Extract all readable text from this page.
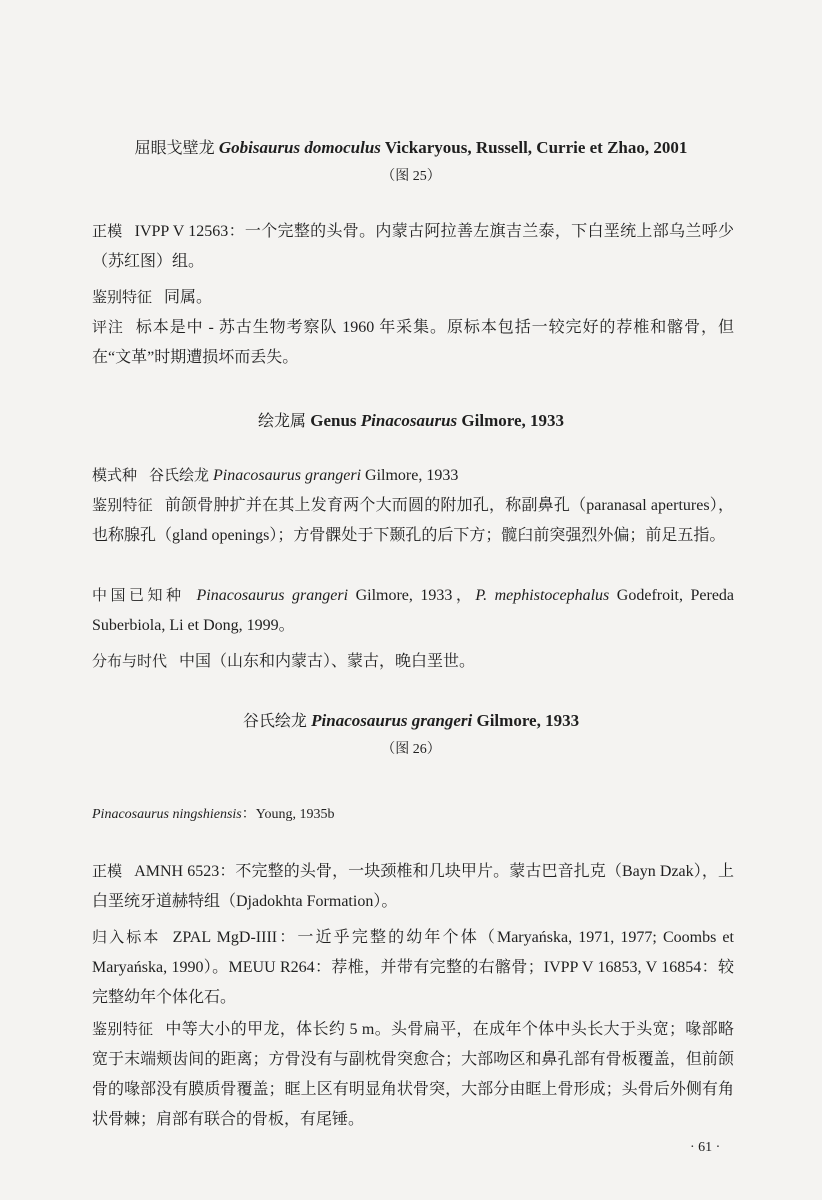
屈眼戈壁龙 Gobisaurus domoculus Vickaryous, Russell, Currie et Zhao, 2001
（图 25）
正模 IVPP V 12563：一个完整的头骨。内蒙古阿拉善左旗吉兰泰，下白垩统上部乌兰呼少（苏红图）组。
鉴别特征 同属。
评注 标本是中 - 苏古生物考察队 1960 年采集。原标本包括一较完好的荐椎和髂骨，但在“文革”时期遭损坏而丢失。
绘龙属 Genus Pinacosaurus Gilmore, 1933
模式种 谷氏绘龙 Pinacosaurus grangeri Gilmore, 1933
鉴别特征 前颌骨肿扩并在其上发育两个大而圆的附加孔，称副鼻孔（paranasal apertures），也称腺孔（gland openings）；方骨髁处于下颞孔的后下方；髋臼前突强烈外偏；前足五指。
中国已知种 Pinacosaurus grangeri Gilmore, 1933，P. mephistocephalus Godefroit, Pereda Suberbiola, Li et Dong, 1999。
分布与时代 中国（山东和内蒙古）、蒙古，晚白垩世。
谷氏绘龙 Pinacosaurus grangeri Gilmore, 1933
（图 26）
Pinacosaurus ningshiensis：Young, 1935b
正模 AMNH 6523：不完整的头骨，一块颈椎和几块甲片。蒙古巴音扎克（Bayn Dzak），上白垩统牙道赫特组（Djadokhta Formation）。
归入标本 ZPAL MgD-IIII：一近乎完整的幼年个体（Maryańska, 1971, 1977; Coombs et Maryańska, 1990）。MEUU R264：荐椎，并带有完整的右髂骨；IVPP V 16853, V 16854：较完整幼年个体化石。
鉴别特征 中等大小的甲龙，体长约 5 m。头骨扁平，在成年个体中头长大于头宽；喙部略宽于末端颊齿间的距离；方骨没有与副枕骨突愈合；大部吻区和鼻孔部有骨板覆盖，但前颌骨的喙部没有膜质骨覆盖；眶上区有明显角状骨突，大部分由眶上骨形成；头骨后外侧有角状骨棘；肩部有联合的骨板，有尾锤。
· 61 ·
